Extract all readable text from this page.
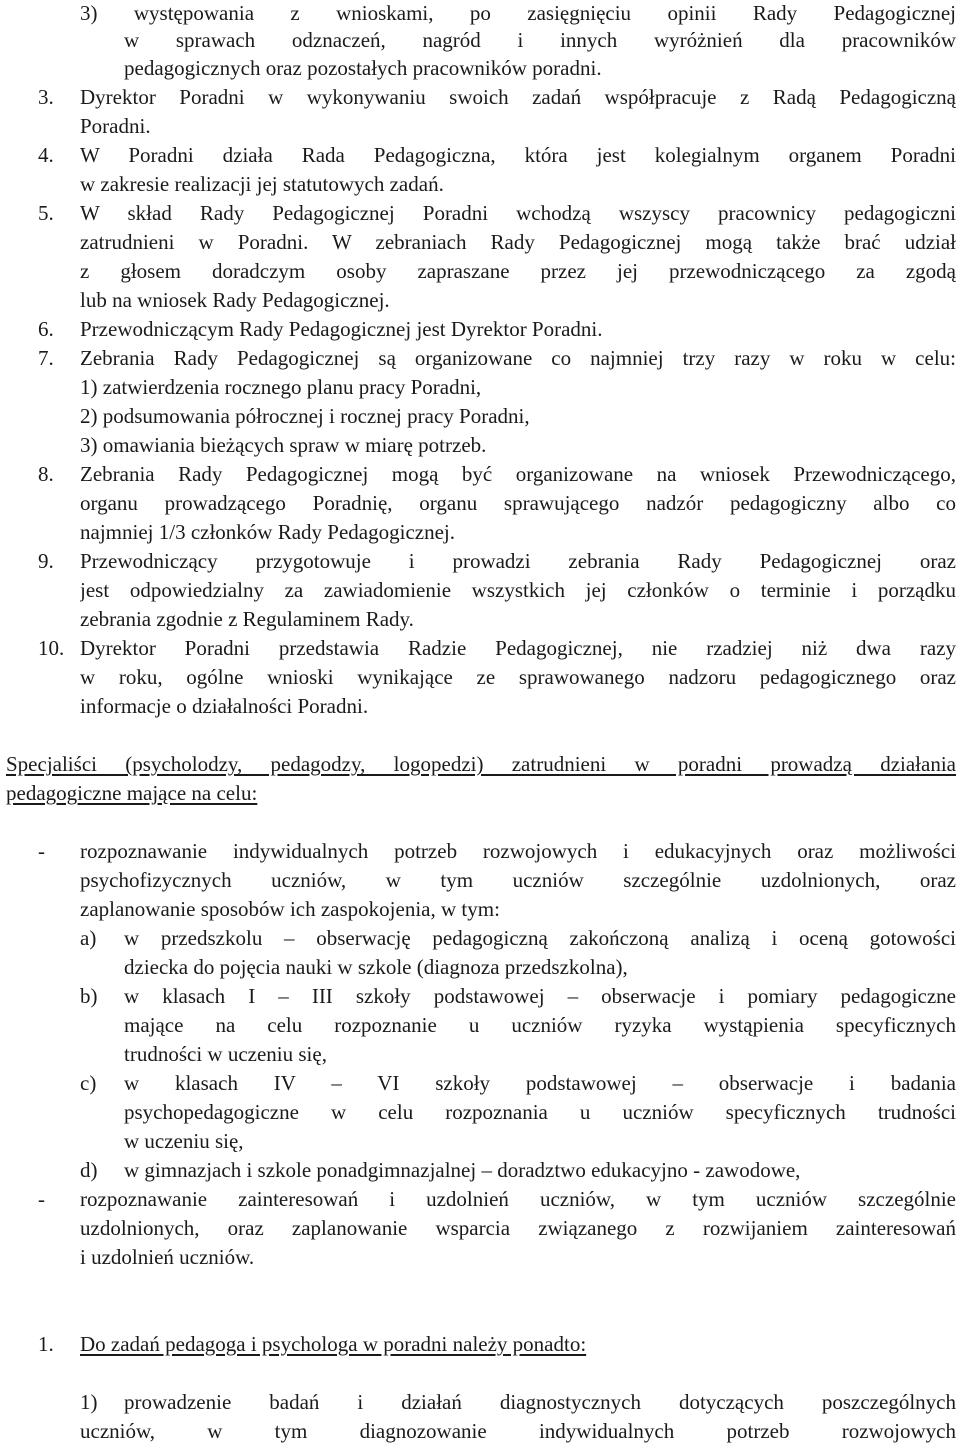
3) występowania z wnioskami, po zasięgnięciu opinii Rady Pedagogicznej
w sprawach odznaczeń, nagród i innych wyróżnień dla pracowników
pedagogicznych oraz pozostałych pracowników poradni.
3. Dyrektor Poradni w wykonywaniu swoich zadań współpracuje z Radą Pedagogiczną
Poradni.
4. W Poradni działa Rada Pedagogiczna, która jest kolegialnym organem Poradni
w zakresie realizacji jej statutowych zadań.
5. W skład Rady Pedagogicznej Poradni wchodzą wszyscy pracownicy pedagogiczni
zatrudnieni w Poradni. W zebraniach Rady Pedagogicznej mogą także brać udział
z głosem doradczym osoby zapraszane przez jej przewodniczącego za zgodą
lub na wniosek Rady Pedagogicznej.
6. Przewodniczącym Rady Pedagogicznej jest Dyrektor Poradni.
7. Zebrania Rady Pedagogicznej są organizowane co najmniej trzy razy w roku w celu:
1) zatwierdzenia rocznego planu pracy Poradni,
2) podsumowania półrocznej i rocznej pracy Poradni,
3) omawiania bieżących spraw w miarę potrzeb.
8. Zebrania Rady Pedagogicznej mogą być organizowane na wniosek Przewodniczącego,
organu prowadzącego Poradnię, organu sprawującego nadzór pedagogiczny albo co
najmniej 1/3 członków Rady Pedagogicznej.
9. Przewodniczący przygotowuje i prowadzi zebrania Rady Pedagogicznej oraz
jest odpowiedzialny za zawiadomienie wszystkich jej członków o terminie i porządku
zebrania zgodnie z Regulaminem Rady.
10. Dyrektor Poradni przedstawia Radzie Pedagogicznej, nie rzadziej niż dwa razy
w roku, ogólne wnioski wynikające ze sprawowanego nadzoru pedagogicznego oraz
informacje o działalności Poradni.
Specjaliści (psycholodzy, pedagodzy, logopedzi) zatrudnieni w poradni prowadzą działania
pedagogiczne mające na celu:
- rozpoznawanie indywidualnych potrzeb rozwojowych i edukacyjnych oraz możliwości
psychofizycznych uczniów, w tym uczniów szczególnie uzdolnionych, oraz
zaplanowanie sposobów ich zaspokojenia, w tym:
a) w przedszkolu – obserwację pedagogiczną zakończoną analizą i oceną gotowości
dziecka do pojęcia nauki w szkole (diagnoza przedszkolna),
b) w klasach I – III szkoły podstawowej – obserwacje i pomiary pedagogiczne
mające na celu rozpoznanie u uczniów ryzyka wystąpienia specyficznych
trudności w uczeniu się,
c) w klasach IV – VI szkoły podstawowej – obserwacje i badania
psychopedagogiczne w celu rozpoznania u uczniów specyficznych trudności
w uczeniu się,
d) w gimnazjach i szkole ponadgimnazjalnej – doradztwo edukacyjno - zawodowe,
- rozpoznawanie zainteresowań i uzdolnień uczniów, w tym uczniów szczególnie
uzdolnionych, oraz zaplanowanie wsparcia związanego z rozwijaniem zainteresowań
i uzdolnień uczniów.
1. Do zadań pedagoga i psychologa w poradni należy ponadto:
1) prowadzenie badań i działań diagnostycznych dotyczących poszczególnych
uczniów, w tym diagnozowanie indywidualnych potrzeb rozwojowych
